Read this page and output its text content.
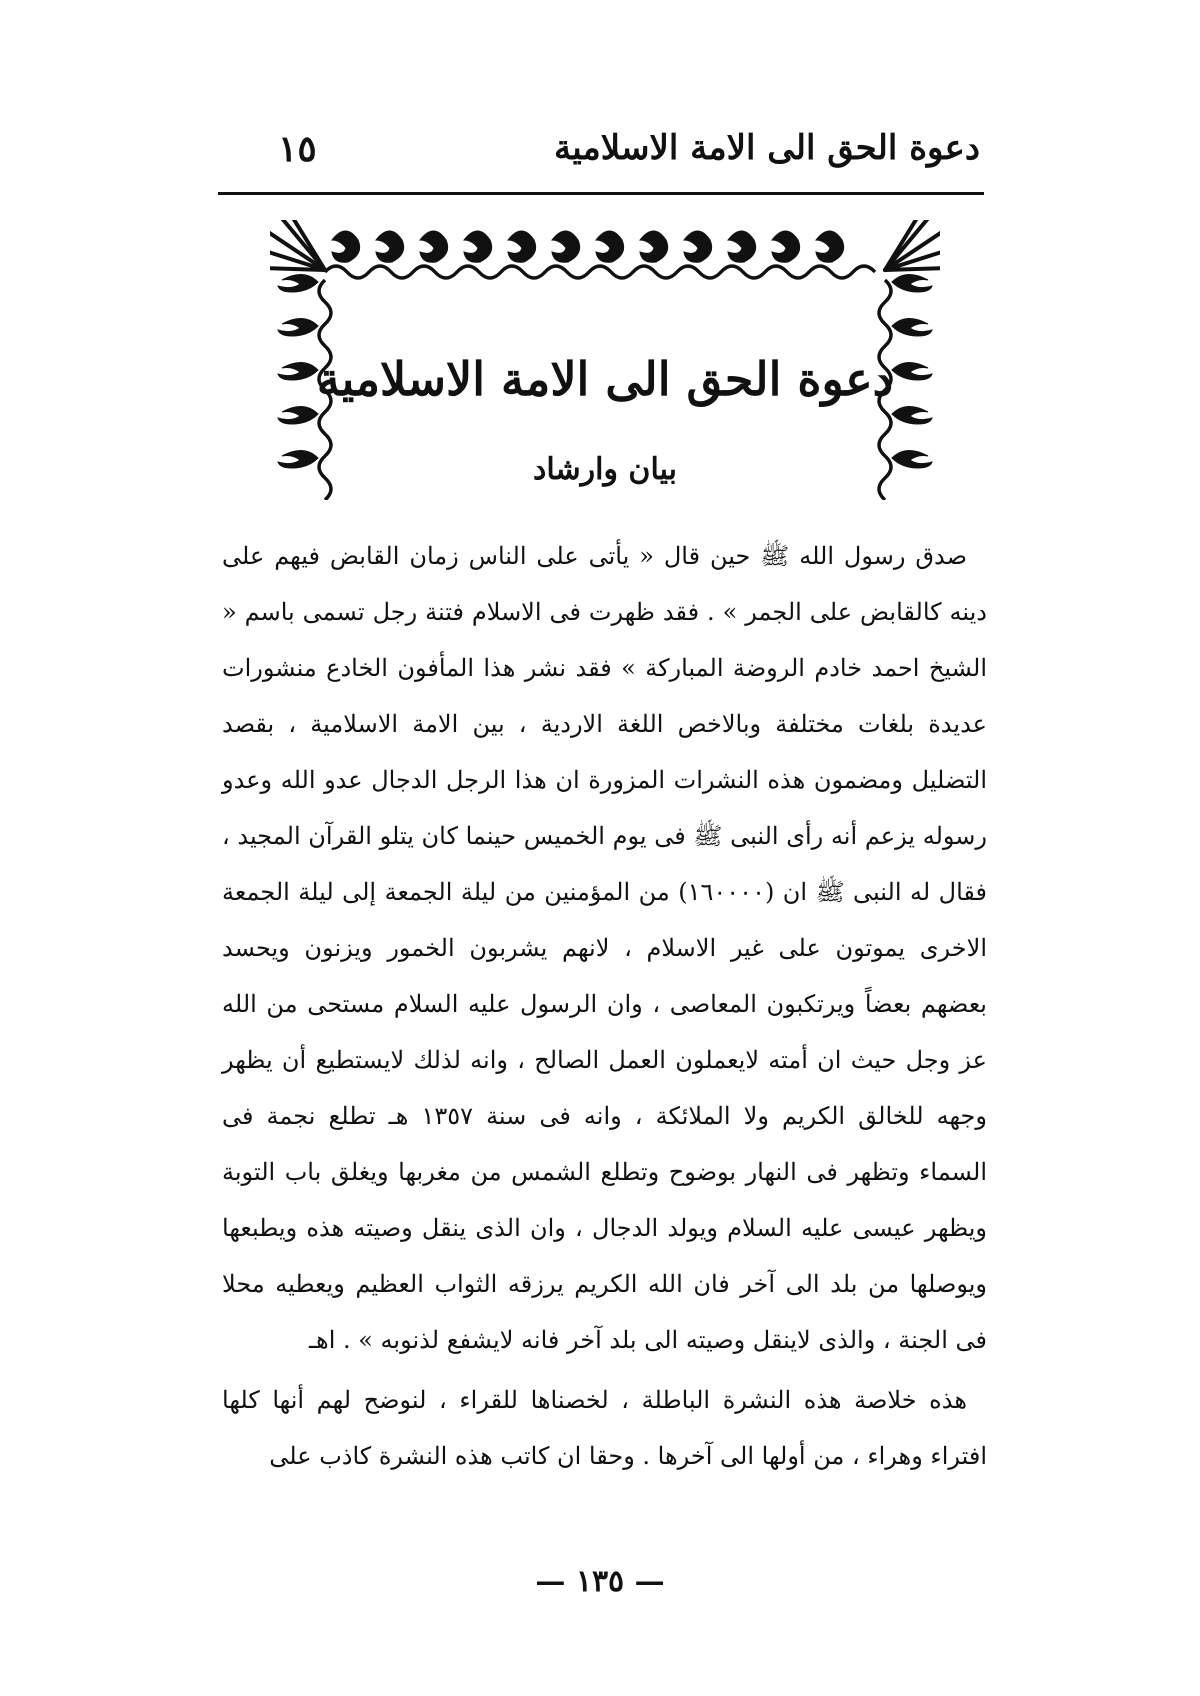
دعوة الحق الى الامة الاسلامية
١٥
دعوة الحق الى الامة الاسلامية
بيان وارشاد

صدق رسول الله ﷺ حين قال « يأتى على الناس زمان القابض فيهم على دينه كالقابض على الجمر » . فقد ظهرت فى الاسلام فتنة رجل تسمى باسم « الشيخ احمد خادم الروضة المباركة » فقد نشر هذا المأفون الخادع منشورات عديدة بلغات مختلفة وبالاخص اللغة الاردية ، بين الامة الاسلامية ، بقصد التضليل ومضمون هذه النشرات المزورة ان هذا الرجل الدجال عدو الله وعدو رسوله يزعم أنه رأى النبى ﷺ فى يوم الخميس حينما كان يتلو القرآن المجيد ، فقال له النبى ﷺ ان (١٦٠٠٠٠) من المؤمنين من ليلة الجمعة إلى ليلة الجمعة الاخرى يموتون على غير الاسلام ، لانهم يشربون الخمور ويزنون ويحسد بعضهم بعضاً ويرتكبون المعاصى ، وان الرسول عليه السلام مستحى من الله عز وجل حيث ان أمته لايعملون العمل الصالح ، وانه لذلك لايستطيع أن يظهر وجهه للخالق الكريم ولا الملائكة ، وانه فى سنة ١٣٥٧ هـ تطلع نجمة فى السماء وتظهر فى النهار بوضوح وتطلع الشمس من مغربها ويغلق باب التوبة ويظهر عيسى عليه السلام ويولد الدجال ، وان الذى ينقل وصيته هذه ويطبعها ويوصلها من بلد الى آخر فان الله الكريم يرزقه الثواب العظيم ويعطيه محلا فى الجنة ، والذى لاينقل وصيته الى بلد آخر فانه لايشفع لذنوبه » . اهـ

هذه خلاصة هذه النشرة الباطلة ، لخصناها للقراء ، لنوضح لهم أنها كلها افتراء وهراء ، من أولها الى آخرها . وحقا ان كاتب هذه النشرة كاذب على

— ١٣٥ —
